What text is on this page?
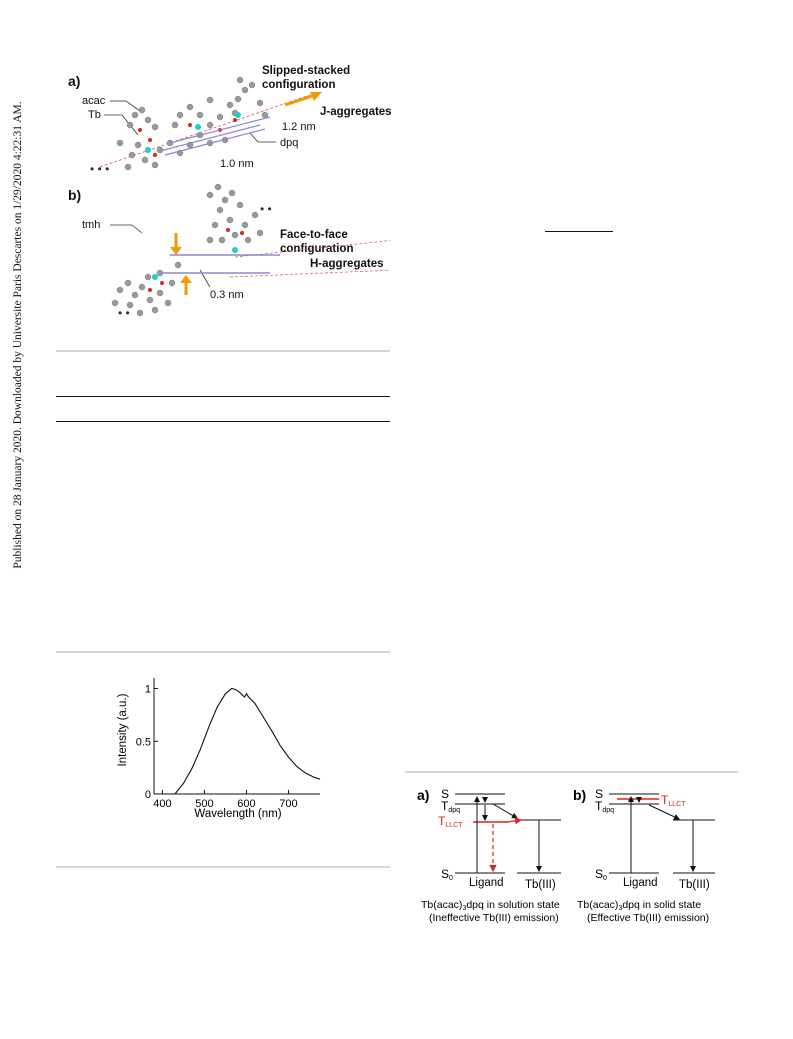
Published on 28 January 2020. Downloaded by Universite Paris Descartes on 1/29/2020 4:22:31 AM.
a)
Slipped-stacked
configuration
J-aggregates
acac
Tb
dpq
1.2 nm
1.0 nm
b)
tmh
Face-to-face
configuration
H-aggregates
0.3 nm
• • •
• •
• •
400 500 600 700
0
0.5
1
Wavelength (nm)
Intensity (a.u.)
a) S
Tdpq
TLLCT
S0 Ligand Tb(III)
Tb(acac)3dpq in solution state
(Ineffective Tb(III) emission)
b) S
Tdpq
TLLCT
S0 Ligand Tb(III)
Tb(acac)3dpq in solid state
(Effective Tb(III) emission)
